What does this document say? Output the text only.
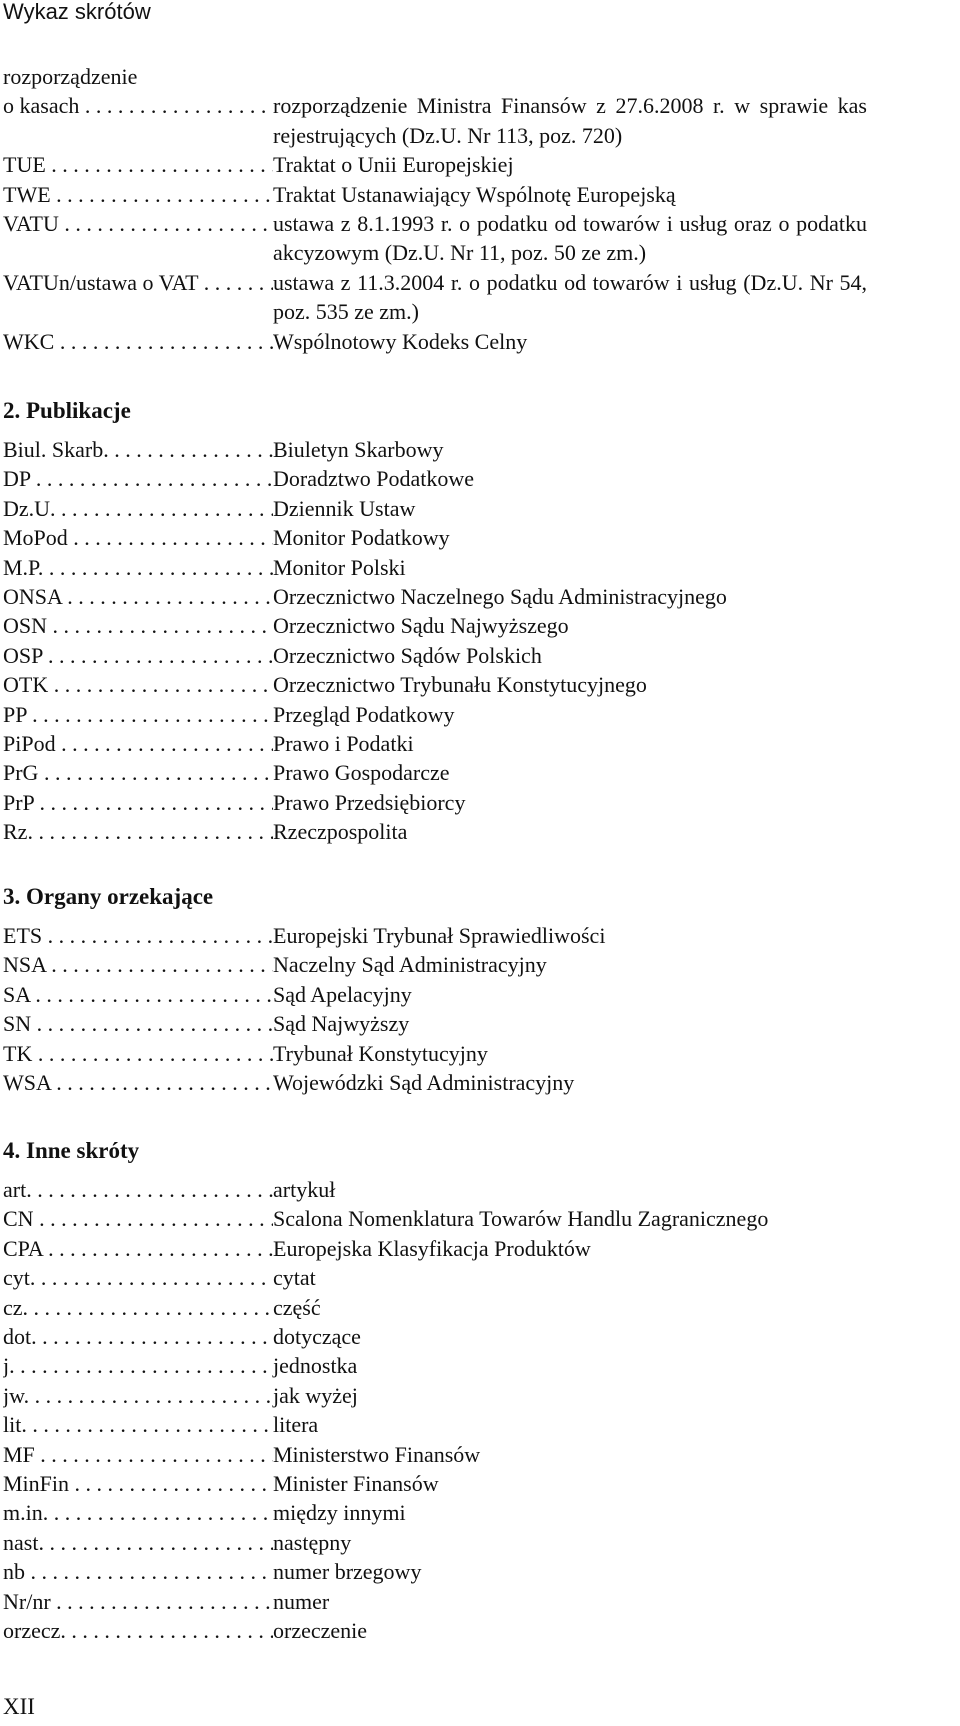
Wykaz skrótów
rozporządzenie
o kasach . . .	rozporządzenie Ministra Finansów z 27.6.2008 r. w sprawie kas rejestrujących (Dz.U. Nr 113, poz. 720)
TUE . . .	Traktat o Unii Europejskiej
TWE . . .	Traktat Ustanawiający Wspólnotę Europejską
VATU . . .	ustawa z 8.1.1993 r. o podatku od towarów i usług oraz o podatku akcyzowym (Dz.U. Nr 11, poz. 50 ze zm.)
VATUn/ustawa o VAT . . .	ustawa z 11.3.2004 r. o podatku od towarów i usług (Dz.U. Nr 54, poz. 535 ze zm.)
WKC . . .	Wspólnotowy Kodeks Celny
2. Publikacje
Biul. Skarb. . . .	Biuletyn Skarbowy
DP . . .	Doradztwo Podatkowe
Dz.U. . . .	Dziennik Ustaw
MoPod . . .	Monitor Podatkowy
M.P. . . .	Monitor Polski
ONSA . . .	Orzecznictwo Naczelnego Sądu Administracyjnego
OSN . . .	Orzecznictwo Sądu Najwyższego
OSP . . .	Orzecznictwo Sądów Polskich
OTK . . .	Orzecznictwo Trybunału Konstytucyjnego
PP . . .	Przegląd Podatkowy
PiPod . . .	Prawo i Podatki
PrG . . .	Prawo Gospodarcze
PrP . . .	Prawo Przedsiębiorcy
Rz. . . .	Rzeczpospolita
3. Organy orzekające
ETS . . .	Europejski Trybunał Sprawiedliwości
NSA . . .	Naczelny Sąd Administracyjny
SA . . .	Sąd Apelacyjny
SN . . .	Sąd Najwyższy
TK . . .	Trybunał Konstytucyjny
WSA . . .	Wojewódzki Sąd Administracyjny
4. Inne skróty
art. . . .	artykuł
CN . . .	Scalona Nomenklatura Towarów Handlu Zagranicznego
CPA . . .	Europejska Klasyfikacja Produktów
cyt. . . .	cytat
cz. . . .	część
dot. . . .	dotyczące
j. . . .	jednostka
jw. . . .	jak wyżej
lit. . . .	litera
MF . . .	Ministerstwo Finansów
MinFin . . .	Minister Finansów
m.in. . . .	między innymi
nast. . . .	następny
nb . . .	numer brzegowy
Nr/nr . . .	numer
orzecz. . . .	orzeczenie
XII
